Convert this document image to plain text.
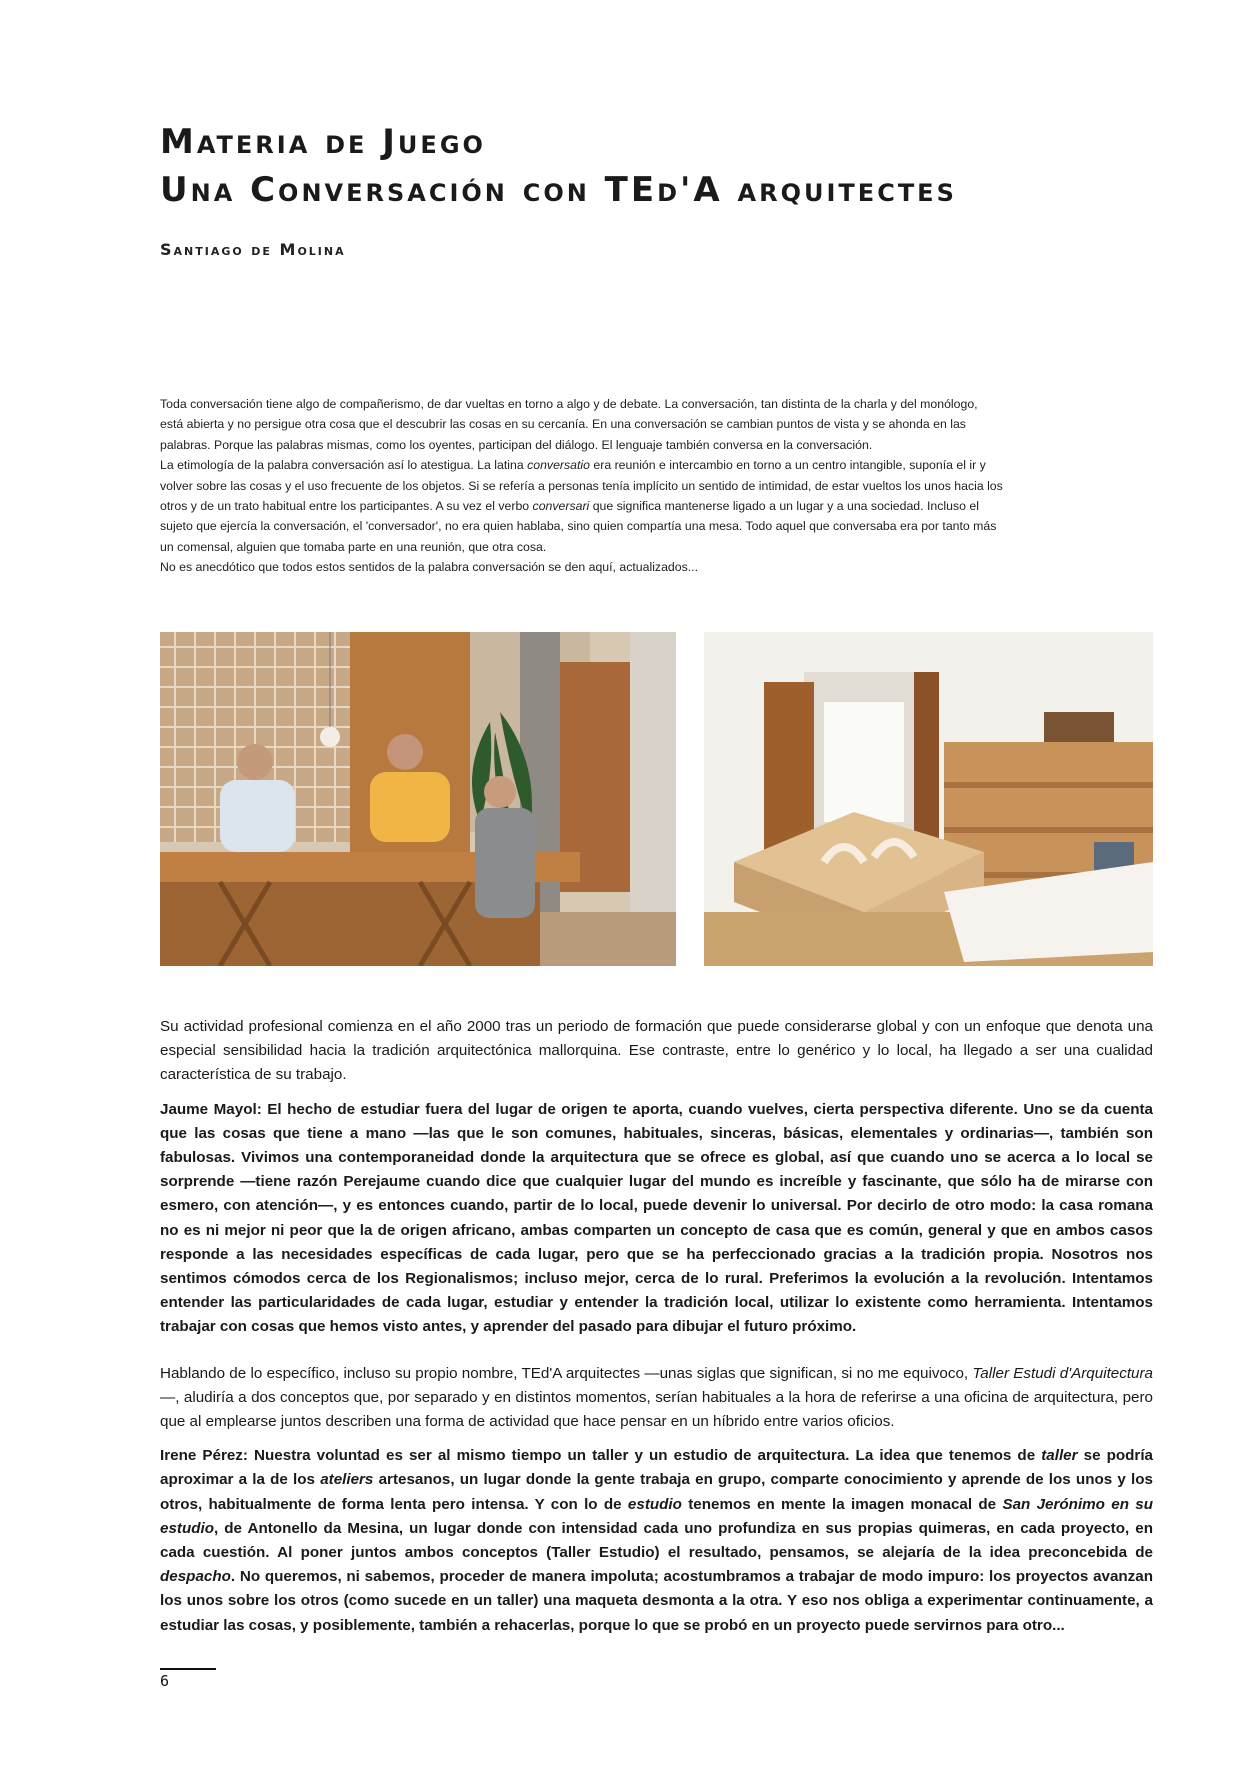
Materia de Juego
Una Conversación con TEd'A arquitectes

Santiago de Molina

Toda conversación tiene algo de compañerismo, de dar vueltas en torno a algo y de debate. La conversación, tan distinta de la charla y del monólogo, está abierta y no persigue otra cosa que el descubrir las cosas en su cercanía. En una conversación se cambian puntos de vista y se ahonda en las palabras. Porque las palabras mismas, como los oyentes, participan del diálogo. El lenguaje también conversa en la conversación.

La etimología de la palabra conversación así lo atestigua. La latina conversatio era reunión e intercambio en torno a un centro intangible, suponía el ir y volver sobre las cosas y el uso frecuente de los objetos. Si se refería a personas tenía implícito un sentido de intimidad, de estar vueltos los unos hacia los otros y de un trato habitual entre los participantes. A su vez el verbo conversari que significa mantenerse ligado a un lugar y a una sociedad. Incluso el sujeto que ejercía la conversación, el 'conversador', no era quien hablaba, sino quien compartía una mesa. Todo aquel que conversaba era por tanto más un comensal, alguien que tomaba parte en una reunión, que otra cosa.

No es anecdótico que todos estos sentidos de la palabra conversación se den aquí, actualizados...

Su actividad profesional comienza en el año 2000 tras un periodo de formación que puede considerarse global y con un enfoque que denota una especial sensibilidad hacia la tradición arquitectónica mallorquina. Ese contraste, entre lo genérico y lo local, ha llegado a ser una cualidad característica de su trabajo.

Jaume Mayol: El hecho de estudiar fuera del lugar de origen te aporta, cuando vuelves, cierta perspectiva diferente. Uno se da cuenta que las cosas que tiene a mano —las que le son comunes, habituales, sinceras, básicas, elementales y ordinarias—, también son fabulosas. Vivimos una contemporaneidad donde la arquitectura que se ofrece es global, así que cuando uno se acerca a lo local se sorprende —tiene razón Perejaume cuando dice que cualquier lugar del mundo es increíble y fascinante, que sólo ha de mirarse con esmero, con atención—, y es entonces cuando, partir de lo local, puede devenir lo universal. Por decirlo de otro modo: la casa romana no es ni mejor ni peor que la de origen africano, ambas comparten un concepto de casa que es común, general y que en ambos casos responde a las necesidades específicas de cada lugar, pero que se ha perfeccionado gracias a la tradición propia. Nosotros nos sentimos cómodos cerca de los Regionalismos; incluso mejor, cerca de lo rural. Preferimos la evolución a la revolución. Intentamos entender las particularidades de cada lugar, estudiar y entender la tradición local, utilizar lo existente como herramienta. Intentamos trabajar con cosas que hemos visto antes, y aprender del pasado para dibujar el futuro próximo.

Hablando de lo específico, incluso su propio nombre, TEd'A arquitectes —unas siglas que significan, si no me equivoco, Taller Estudi d'Arquitectura—, aludiría a dos conceptos que, por separado y en distintos momentos, serían habituales a la hora de referirse a una oficina de arquitectura, pero que al emplearse juntos describen una forma de actividad que hace pensar en un híbrido entre varios oficios.

Irene Pérez: Nuestra voluntad es ser al mismo tiempo un taller y un estudio de arquitectura. La idea que tenemos de taller se podría aproximar a la de los ateliers artesanos, un lugar donde la gente trabaja en grupo, comparte conocimiento y aprende de los unos y los otros, habitualmente de forma lenta pero intensa. Y con lo de estudio tenemos en mente la imagen monacal de San Jerónimo en su estudio, de Antonello da Mesina, un lugar donde con intensidad cada uno profundiza en sus propias quimeras, en cada proyecto, en cada cuestión. Al poner juntos ambos conceptos (Taller Estudio) el resultado, pensamos, se alejaría de la idea preconcebida de despacho. No queremos, ni sabemos, proceder de manera impoluta; acostumbramos a trabajar de modo impuro: los proyectos avanzan los unos sobre los otros (como sucede en un taller) una maqueta desmonta a la otra. Y eso nos obliga a experimentar continuamente, a estudiar las cosas, y posiblemente, también a rehacerlas, porque lo que se probó en un proyecto puede servirnos para otro...

6
